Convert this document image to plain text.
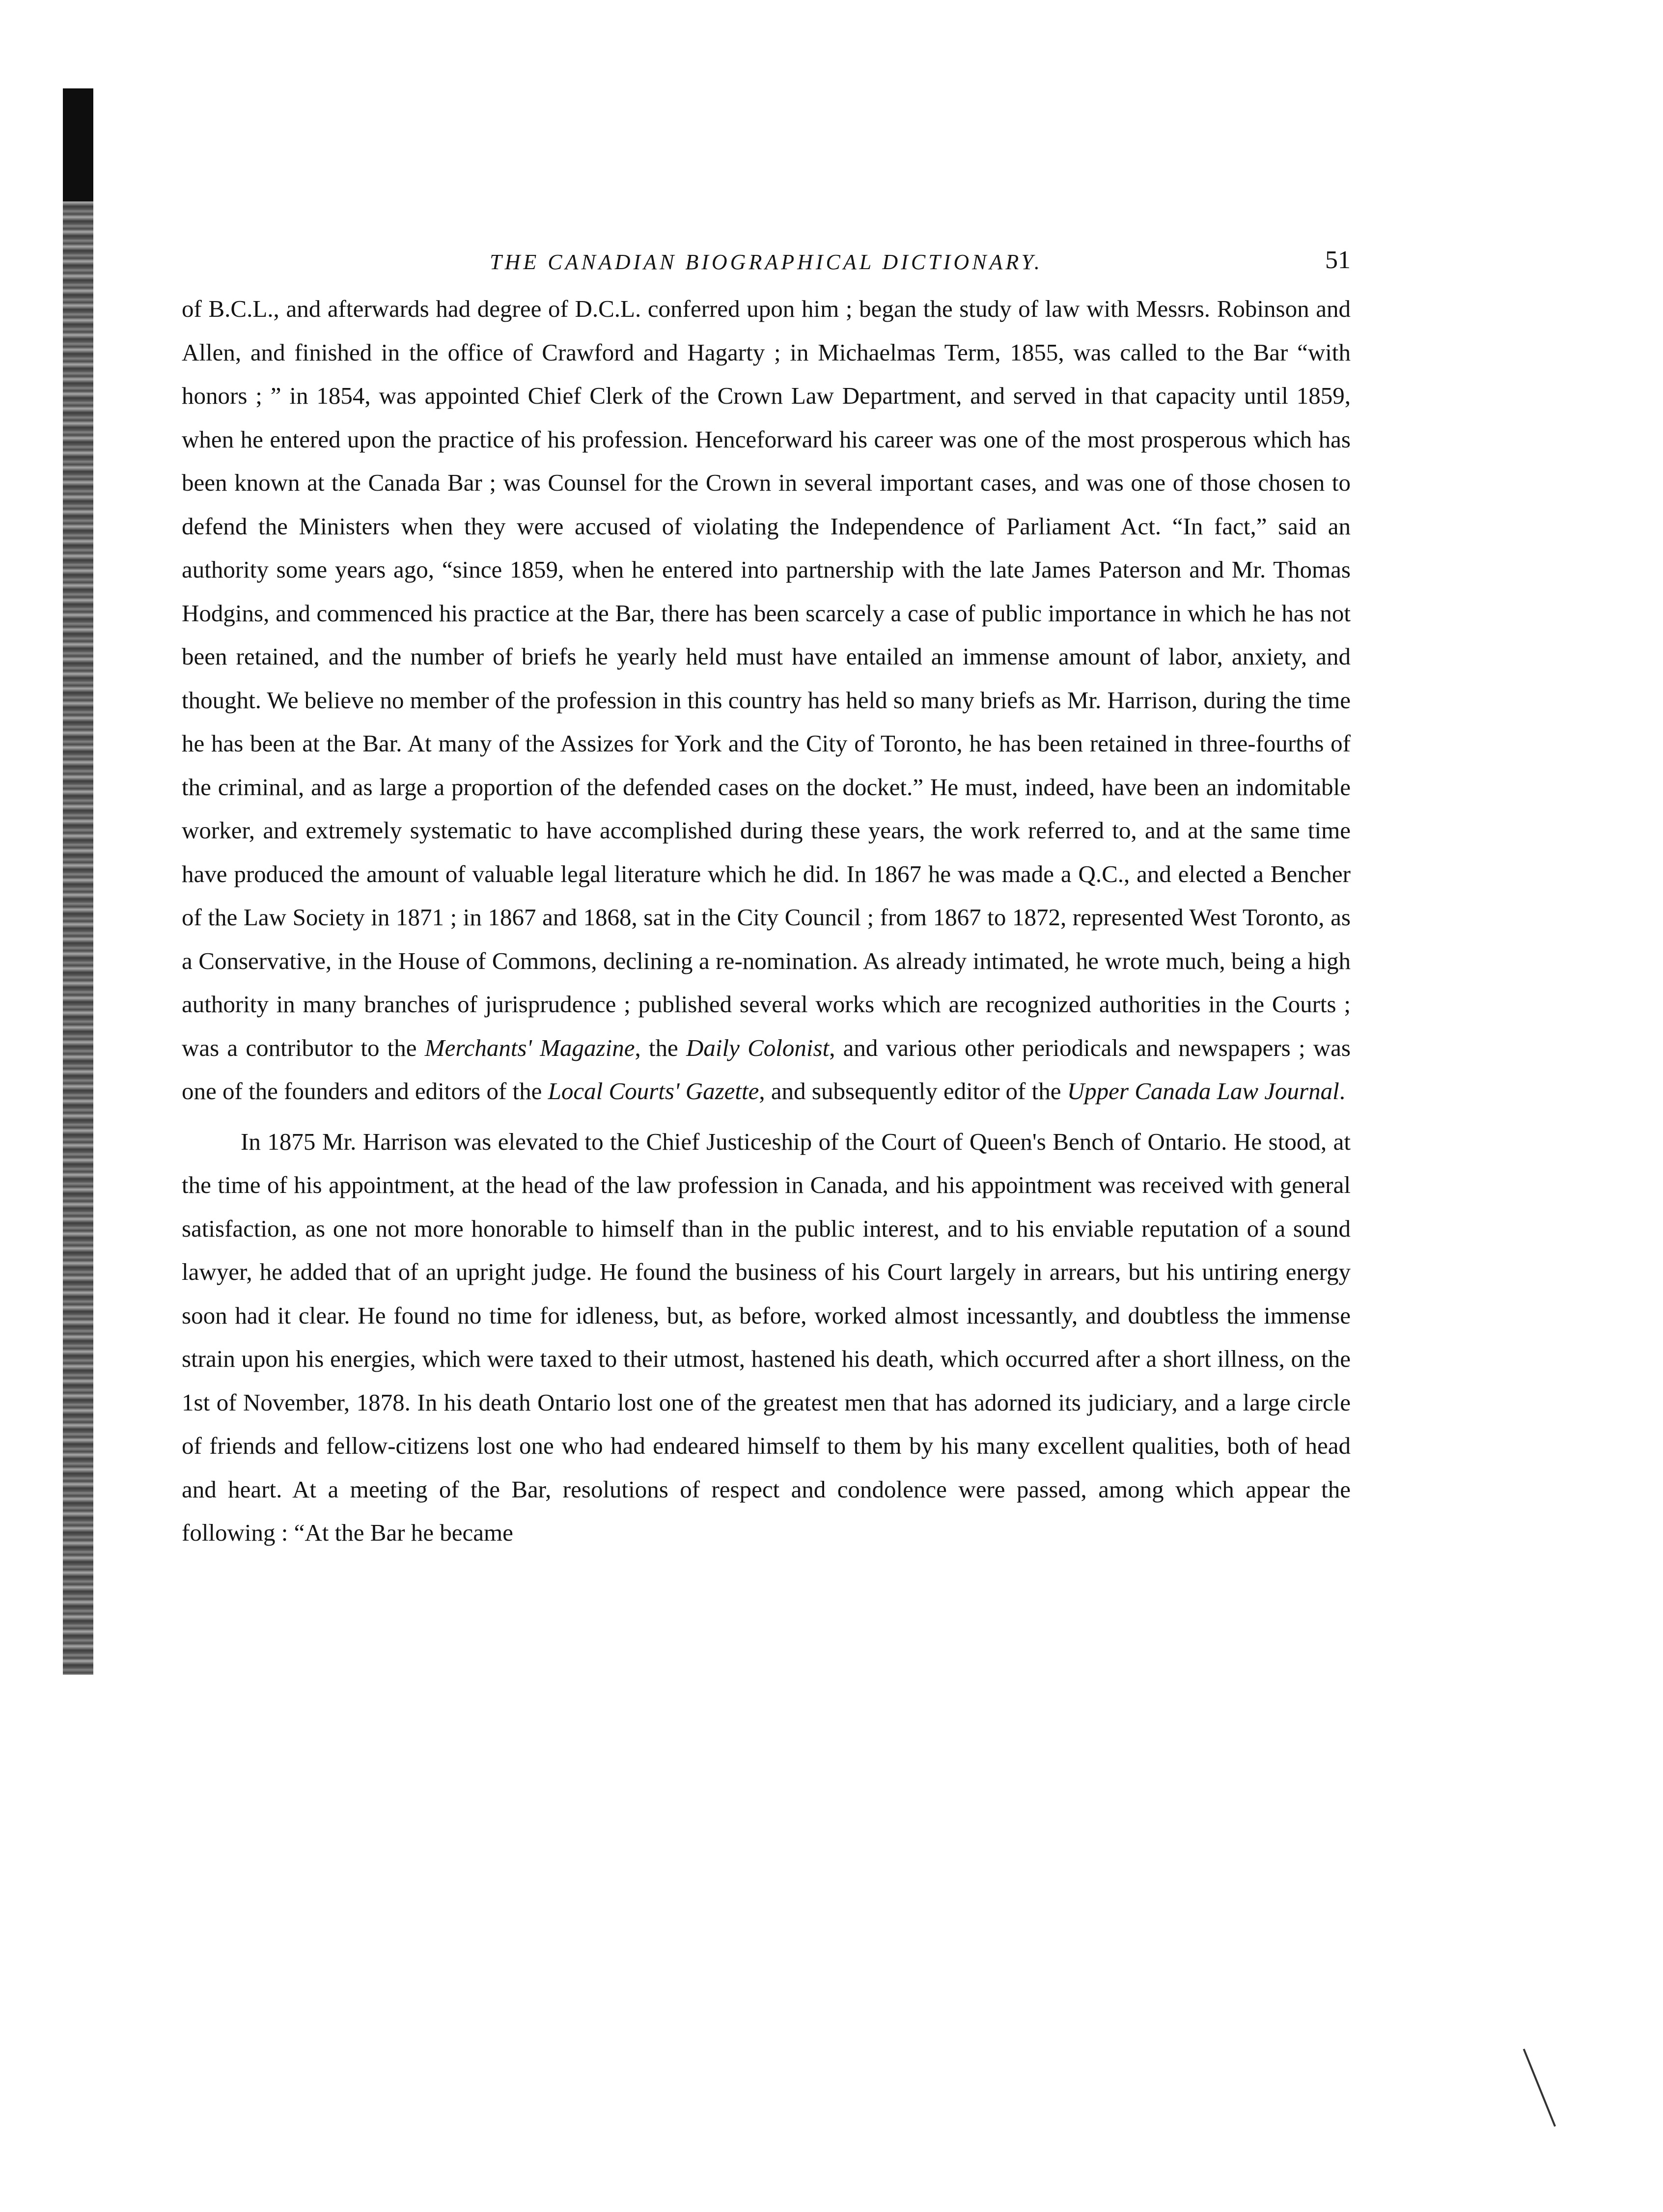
THE CANADIAN BIOGRAPHICAL DICTIONARY.	51

of B.C.L., and afterwards had degree of D.C.L. conferred upon him ; began the study of law with Messrs. Robinson and Allen, and finished in the office of Crawford and Hagarty ; in Michaelmas Term, 1855, was called to the Bar “with honors ; ” in 1854, was appointed Chief Clerk of the Crown Law Department, and served in that capacity until 1859, when he entered upon the practice of his profession. Henceforward his career was one of the most prosperous which has been known at the Canada Bar ; was Counsel for the Crown in several important cases, and was one of those chosen to defend the Ministers when they were accused of violating the Independence of Parliament Act. “In fact,” said an authority some years ago, “since 1859, when he entered into partnership with the late James Paterson and Mr. Thomas Hodgins, and commenced his practice at the Bar, there has been scarcely a case of public importance in which he has not been retained, and the number of briefs he yearly held must have entailed an immense amount of labor, anxiety, and thought. We believe no member of the profession in this country has held so many briefs as Mr. Harrison, during the time he has been at the Bar. At many of the Assizes for York and the City of Toronto, he has been retained in three-fourths of the criminal, and as large a proportion of the defended cases on the docket.” He must, indeed, have been an indomitable worker, and extremely systematic to have accomplished during these years, the work referred to, and at the same time have produced the amount of valuable legal literature which he did. In 1867 he was made a Q.C., and elected a Bencher of the Law Society in 1871 ; in 1867 and 1868, sat in the City Council ; from 1867 to 1872, represented West Toronto, as a Conservative, in the House of Commons, declining a re-nomination. As already intimated, he wrote much, being a high authority in many branches of jurisprudence ; published several works which are recognized authorities in the Courts ; was a contributor to the Merchants' Magazine, the Daily Colonist, and various other periodicals and newspapers ; was one of the founders and editors of the Local Courts' Gazette, and subsequently editor of the Upper Canada Law Journal.

In 1875 Mr. Harrison was elevated to the Chief Justiceship of the Court of Queen's Bench of Ontario. He stood, at the time of his appointment, at the head of the law profession in Canada, and his appointment was received with general satisfaction, as one not more honorable to himself than in the public interest, and to his enviable reputation of a sound lawyer, he added that of an upright judge. He found the business of his Court largely in arrears, but his untiring energy soon had it clear. He found no time for idleness, but, as before, worked almost incessantly, and doubtless the immense strain upon his energies, which were taxed to their utmost, hastened his death, which occurred after a short illness, on the 1st of November, 1878. In his death Ontario lost one of the greatest men that has adorned its judiciary, and a large circle of friends and fellow-citizens lost one who had endeared himself to them by his many excellent qualities, both of head and heart. At a meeting of the Bar, resolutions of respect and condolence were passed, among which appear the following : “At the Bar he became
